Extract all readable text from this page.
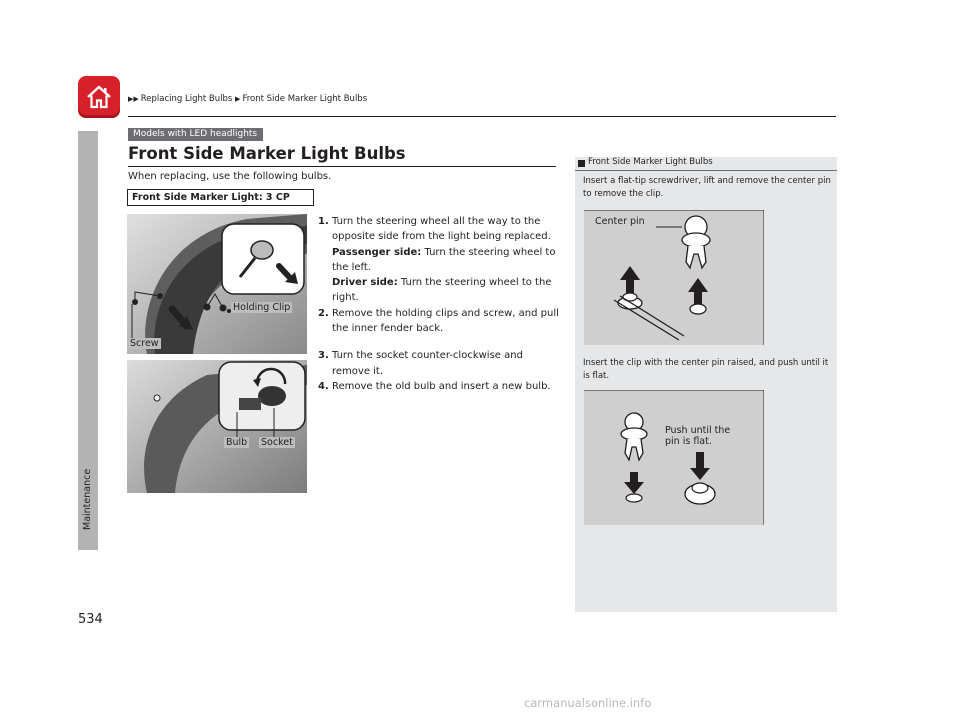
▶▶ Replacing Light Bulbs ▶ Front Side Marker Light Bulbs
Maintenance
534
Models with LED headlights
Front Side Marker Light Bulbs
When replacing, use the following bulbs.
Front Side Marker Light: 3 CP
Holding Clip
Screw
Bulb Socket
1. Turn the steering wheel all the way to the opposite side from the light being replaced.
Passenger side: Turn the steering wheel to the left.
Driver side: Turn the steering wheel to the right.
2. Remove the holding clips and screw, and pull the inner fender back.
3. Turn the socket counter-clockwise and remove it.
4. Remove the old bulb and insert a new bulb.
Front Side Marker Light Bulbs
Insert a flat-tip screwdriver, lift and remove the center pin to remove the clip.
Center pin
Insert the clip with the center pin raised, and push until it is flat.
Push until the
pin is flat.
carmanualsonline.info
